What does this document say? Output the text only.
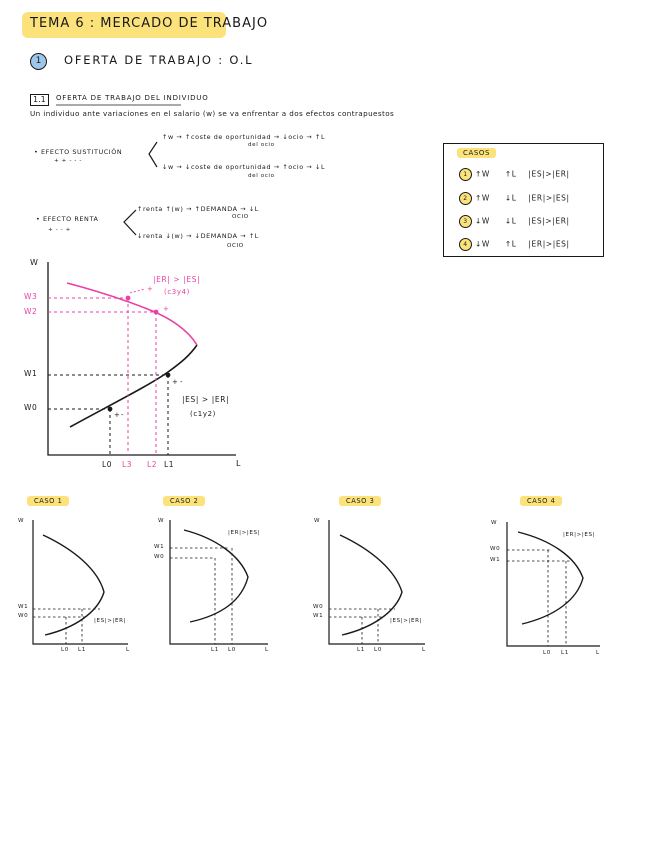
TEMA 6 : MERCADO DE TRABAJO
1	OFERTA DE TRABAJO : O.L
1.1	OFERTA DE TRABAJO DEL INDIVIDUO
Un individuo ante variaciones en el salario (w) se va enfrentar a dos efectos contrapuestos
• EFECTO SUSTITUCIÓN
+ + - - -
↑w → ↑coste de oportunidad → ↓ocio → ↑L
del ocio
↓w → ↓coste de oportunidad → ↑ocio → ↓L
del ocio
• EFECTO RENTA
+ - - +
↑renta ↑(w) → ↑DEMANDA → ↓L
OCIO
↓renta ↓(w) → ↓DEMANDA → ↑L
OCIO
CASOS
1 ↑W ↑L |ES|>|ER|
2 ↑W ↓L |ER|>|ES|
3 ↓W ↓L |ES|>|ER|
4 ↓W ↑L |ER|>|ES|
W
L
W3
W2
W1
W0
L0 L3 L2 L1
|ER| > |ES|
(c3y4)
+
+
|ES| > |ER|
(c1y2)
+ -
+ -
CASO 1	CASO 2	CASO 3	CASO 4
W
L
W1
W0
L0 L1
|ES|>|ER|
W
L
W1
W0
L1 L0
|ER|>|ES|
W
L
W0
W1
L1 L0
|ES|>|ER|
W
L
W0
W1
L0 L1
|ER|>|ES|
